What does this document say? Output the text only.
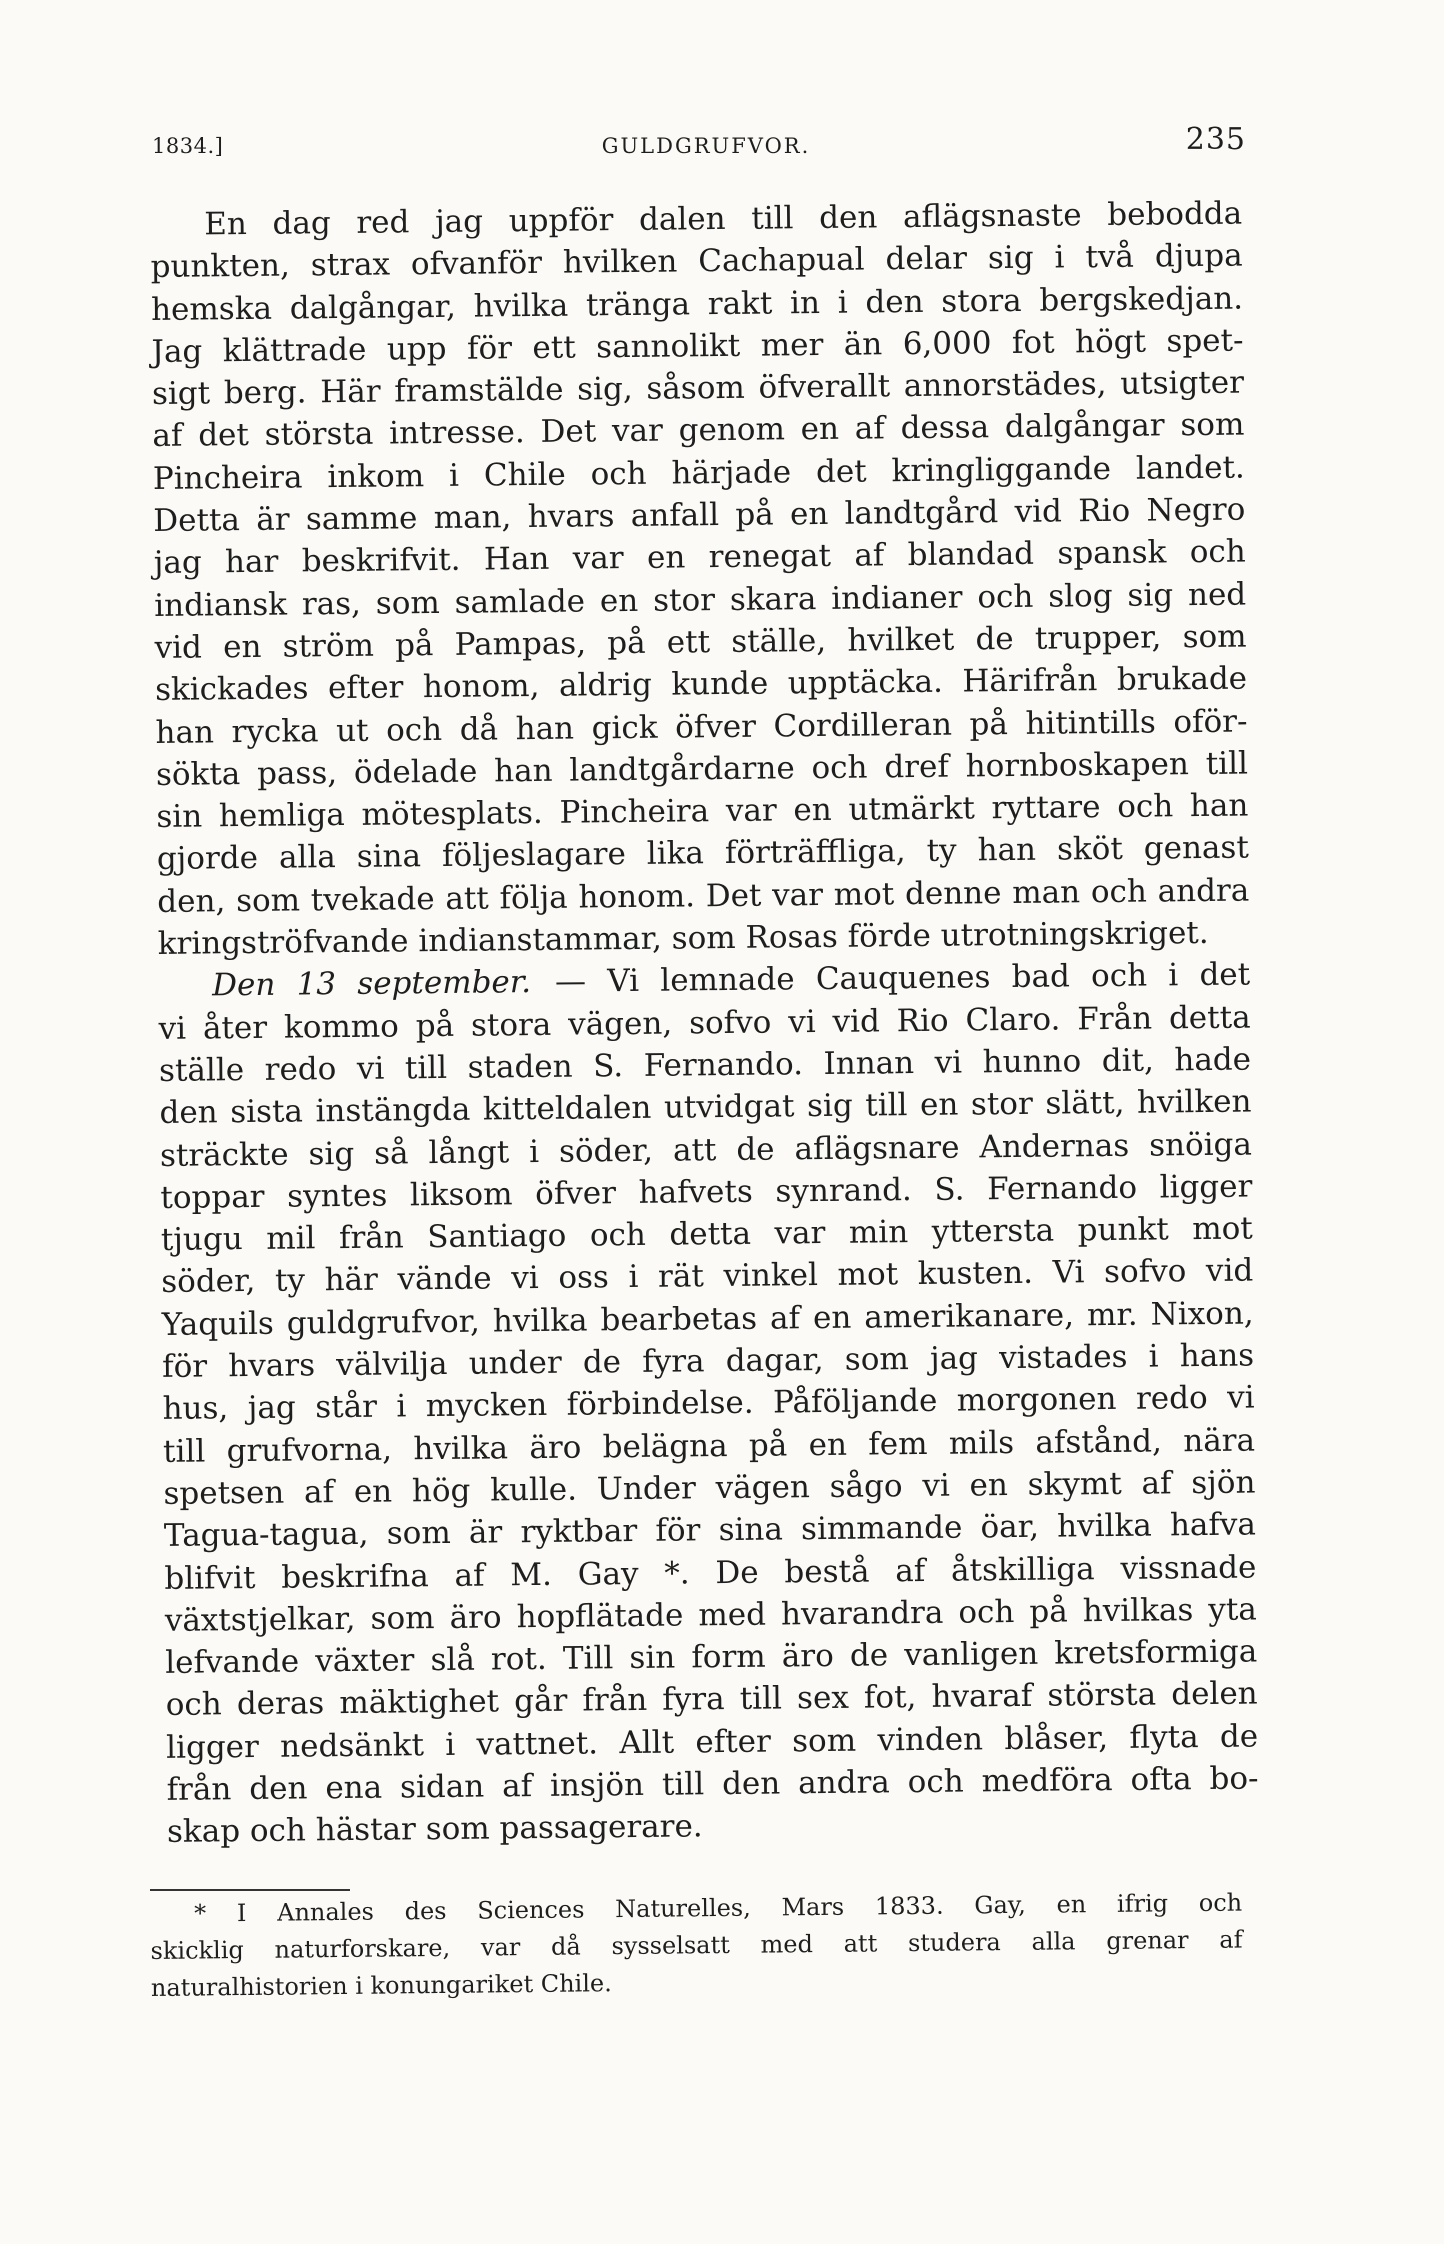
1834.]	GULDGRUFVOR.	235
En dag red jag uppför dalen till den aflägsnaste bebodda
punkten, strax ofvanför hvilken Cachapual delar sig i två djupa
hemska dalgångar, hvilka tränga rakt in i den stora bergskedjan.
Jag klättrade upp för ett sannolikt mer än 6,000 fot högt spet-
sigt berg. Här framstälde sig, såsom öfverallt annorstädes, utsigter
af det största intresse. Det var genom en af dessa dalgångar som
Pincheira inkom i Chile och härjade det kringliggande landet.
Detta är samme man, hvars anfall på en landtgård vid Rio Negro
jag har beskrifvit. Han var en renegat af blandad spansk och
indiansk ras, som samlade en stor skara indianer och slog sig ned
vid en ström på Pampas, på ett ställe, hvilket de trupper, som
skickades efter honom, aldrig kunde upptäcka. Härifrån brukade
han rycka ut och då han gick öfver Cordilleran på hitintills oför-
sökta pass, ödelade han landtgårdarne och dref hornboskapen till
sin hemliga mötesplats. Pincheira var en utmärkt ryttare och han
gjorde alla sina följeslagare lika förträffliga, ty han sköt genast
den, som tvekade att följa honom. Det var mot denne man och andra
kringströfvande indianstammar, som Rosas förde utrotningskriget.
Den 13 september. — Vi lemnade Cauquenes bad och i det
vi åter kommo på stora vägen, sofvo vi vid Rio Claro. Från detta
ställe redo vi till staden S. Fernando. Innan vi hunno dit, hade
den sista instängda kitteldalen utvidgat sig till en stor slätt, hvilken
sträckte sig så långt i söder, att de aflägsnare Andernas snöiga
toppar syntes liksom öfver hafvets synrand. S. Fernando ligger
tjugu mil från Santiago och detta var min yttersta punkt mot
söder, ty här vände vi oss i rät vinkel mot kusten. Vi sofvo vid
Yaquils guldgrufvor, hvilka bearbetas af en amerikanare, mr. Nixon,
för hvars välvilja under de fyra dagar, som jag vistades i hans
hus, jag står i mycken förbindelse. Påföljande morgonen redo vi
till grufvorna, hvilka äro belägna på en fem mils afstånd, nära
spetsen af en hög kulle. Under vägen sågo vi en skymt af sjön
Tagua-tagua, som är ryktbar för sina simmande öar, hvilka hafva
blifvit beskrifna af M. Gay *. De bestå af åtskilliga vissnade
växtstjelkar, som äro hopflätade med hvarandra och på hvilkas yta
lefvande växter slå rot. Till sin form äro de vanligen kretsformiga
och deras mäktighet går från fyra till sex fot, hvaraf största delen
ligger nedsänkt i vattnet. Allt efter som vinden blåser, flyta de
från den ena sidan af insjön till den andra och medföra ofta bo-
skap och hästar som passagerare.
* I Annales des Sciences Naturelles, Mars 1833. Gay, en ifrig och
skicklig naturforskare, var då sysselsatt med att studera alla grenar af
naturalhistorien i konungariket Chile.
